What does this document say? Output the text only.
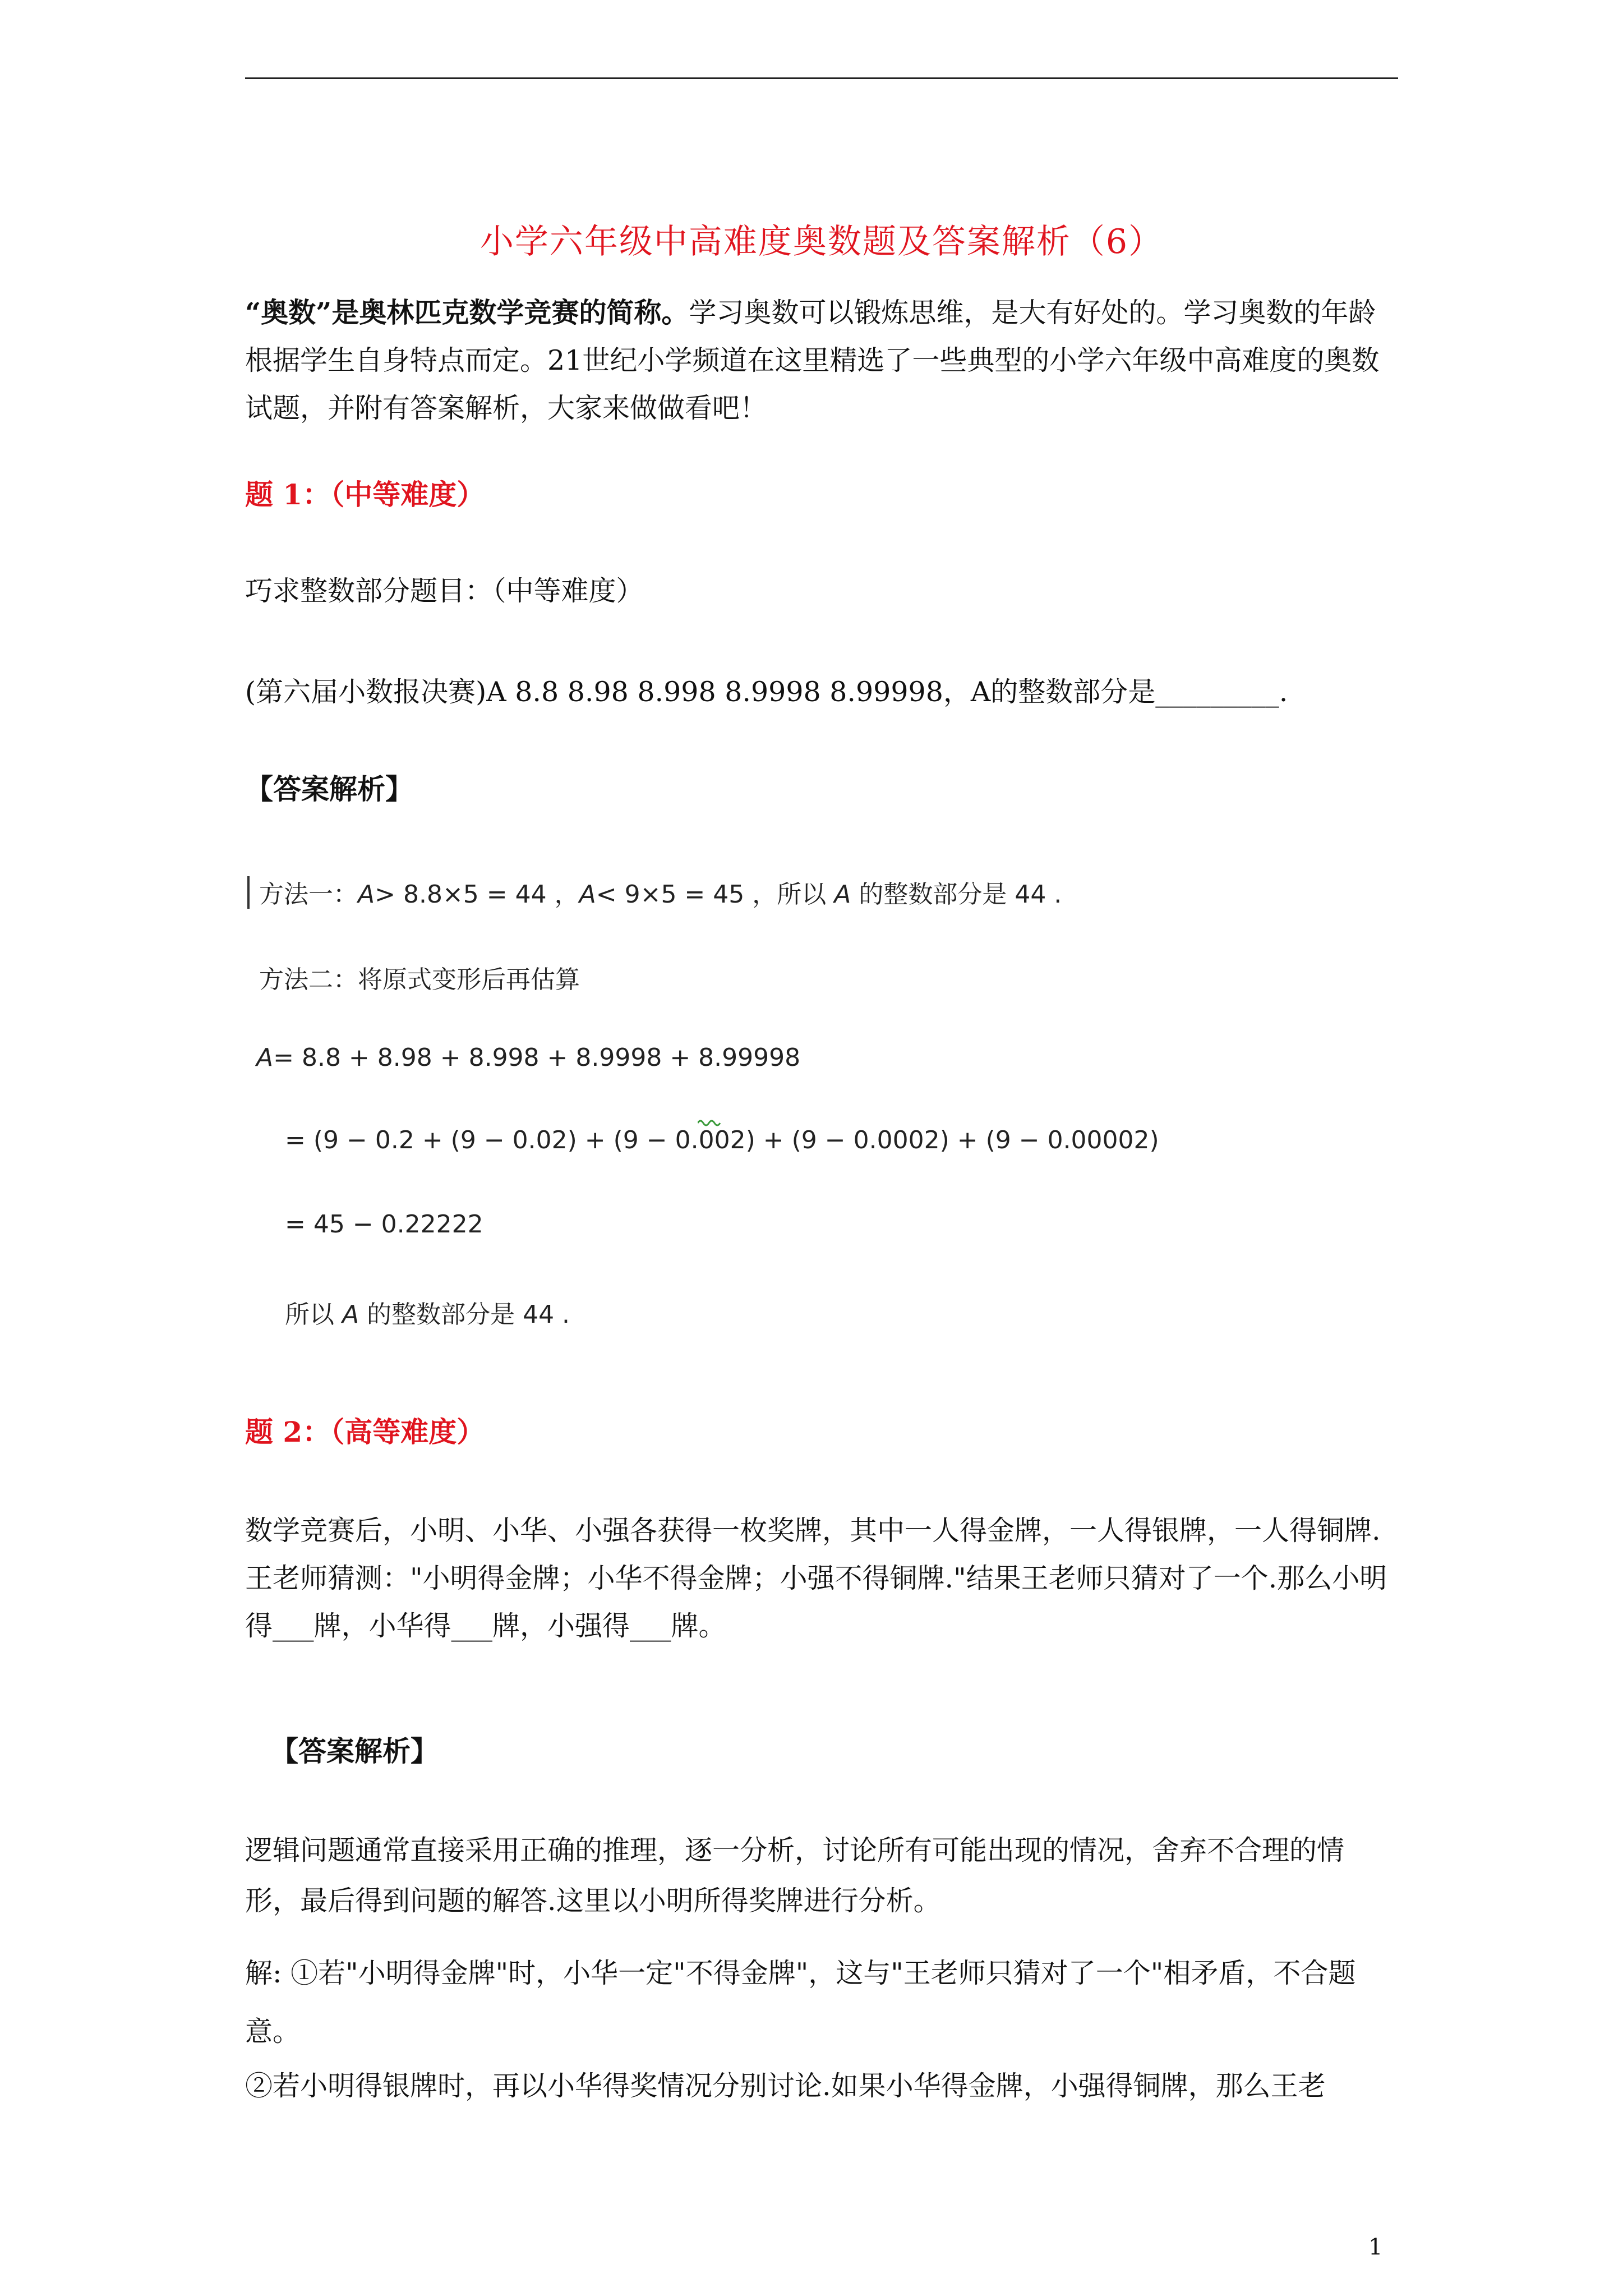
小学六年级中高难度奥数题及答案解析（6）
“奥数”是奥林匹克数学竞赛的简称。学习奥数可以锻炼思维，是大有好处的。学习奥数的年龄根据学生自身特点而定。21世纪小学频道在这里精选了一些典型的小学六年级中高难度的奥数试题，并附有答案解析，大家来做做看吧！
题 1：（中等难度）
巧求整数部分题目：（中等难度）
(第六届小数报决赛)A 8.8 8.98 8.998 8.9998 8.99998，A的整数部分是_________.
【答案解析】
方法一：A> 8.8×5 = 44 ，A< 9×5 = 45 ，所以 A 的整数部分是 44 .
方法二：将原式变形后再估算
A= 8.8 + 8.98 + 8.998 + 8.9998 + 8.99998
= (9 − 0.2 + (9 − 0.02) + (9 − 0.002) + (9 − 0.0002) + (9 − 0.00002)
= 45 − 0.22222
所以 A 的整数部分是 44 .
题 2：（高等难度）
数学竞赛后，小明、小华、小强各获得一枚奖牌，其中一人得金牌，一人得银牌，一人得铜牌.王老师猜测："小明得金牌；小华不得金牌；小强不得铜牌."结果王老师只猜对了一个.那么小明得___牌，小华得___牌，小强得___牌。
【答案解析】
逻辑问题通常直接采用正确的推理，逐一分析，讨论所有可能出现的情况，舍弃不合理的情形，最后得到问题的解答.这里以小明所得奖牌进行分析。
解: ①若"小明得金牌"时，小华一定"不得金牌"，这与"王老师只猜对了一个"相矛盾，不合题意。
②若小明得银牌时，再以小华得奖情况分别讨论.如果小华得金牌，小强得铜牌，那么王老
1
